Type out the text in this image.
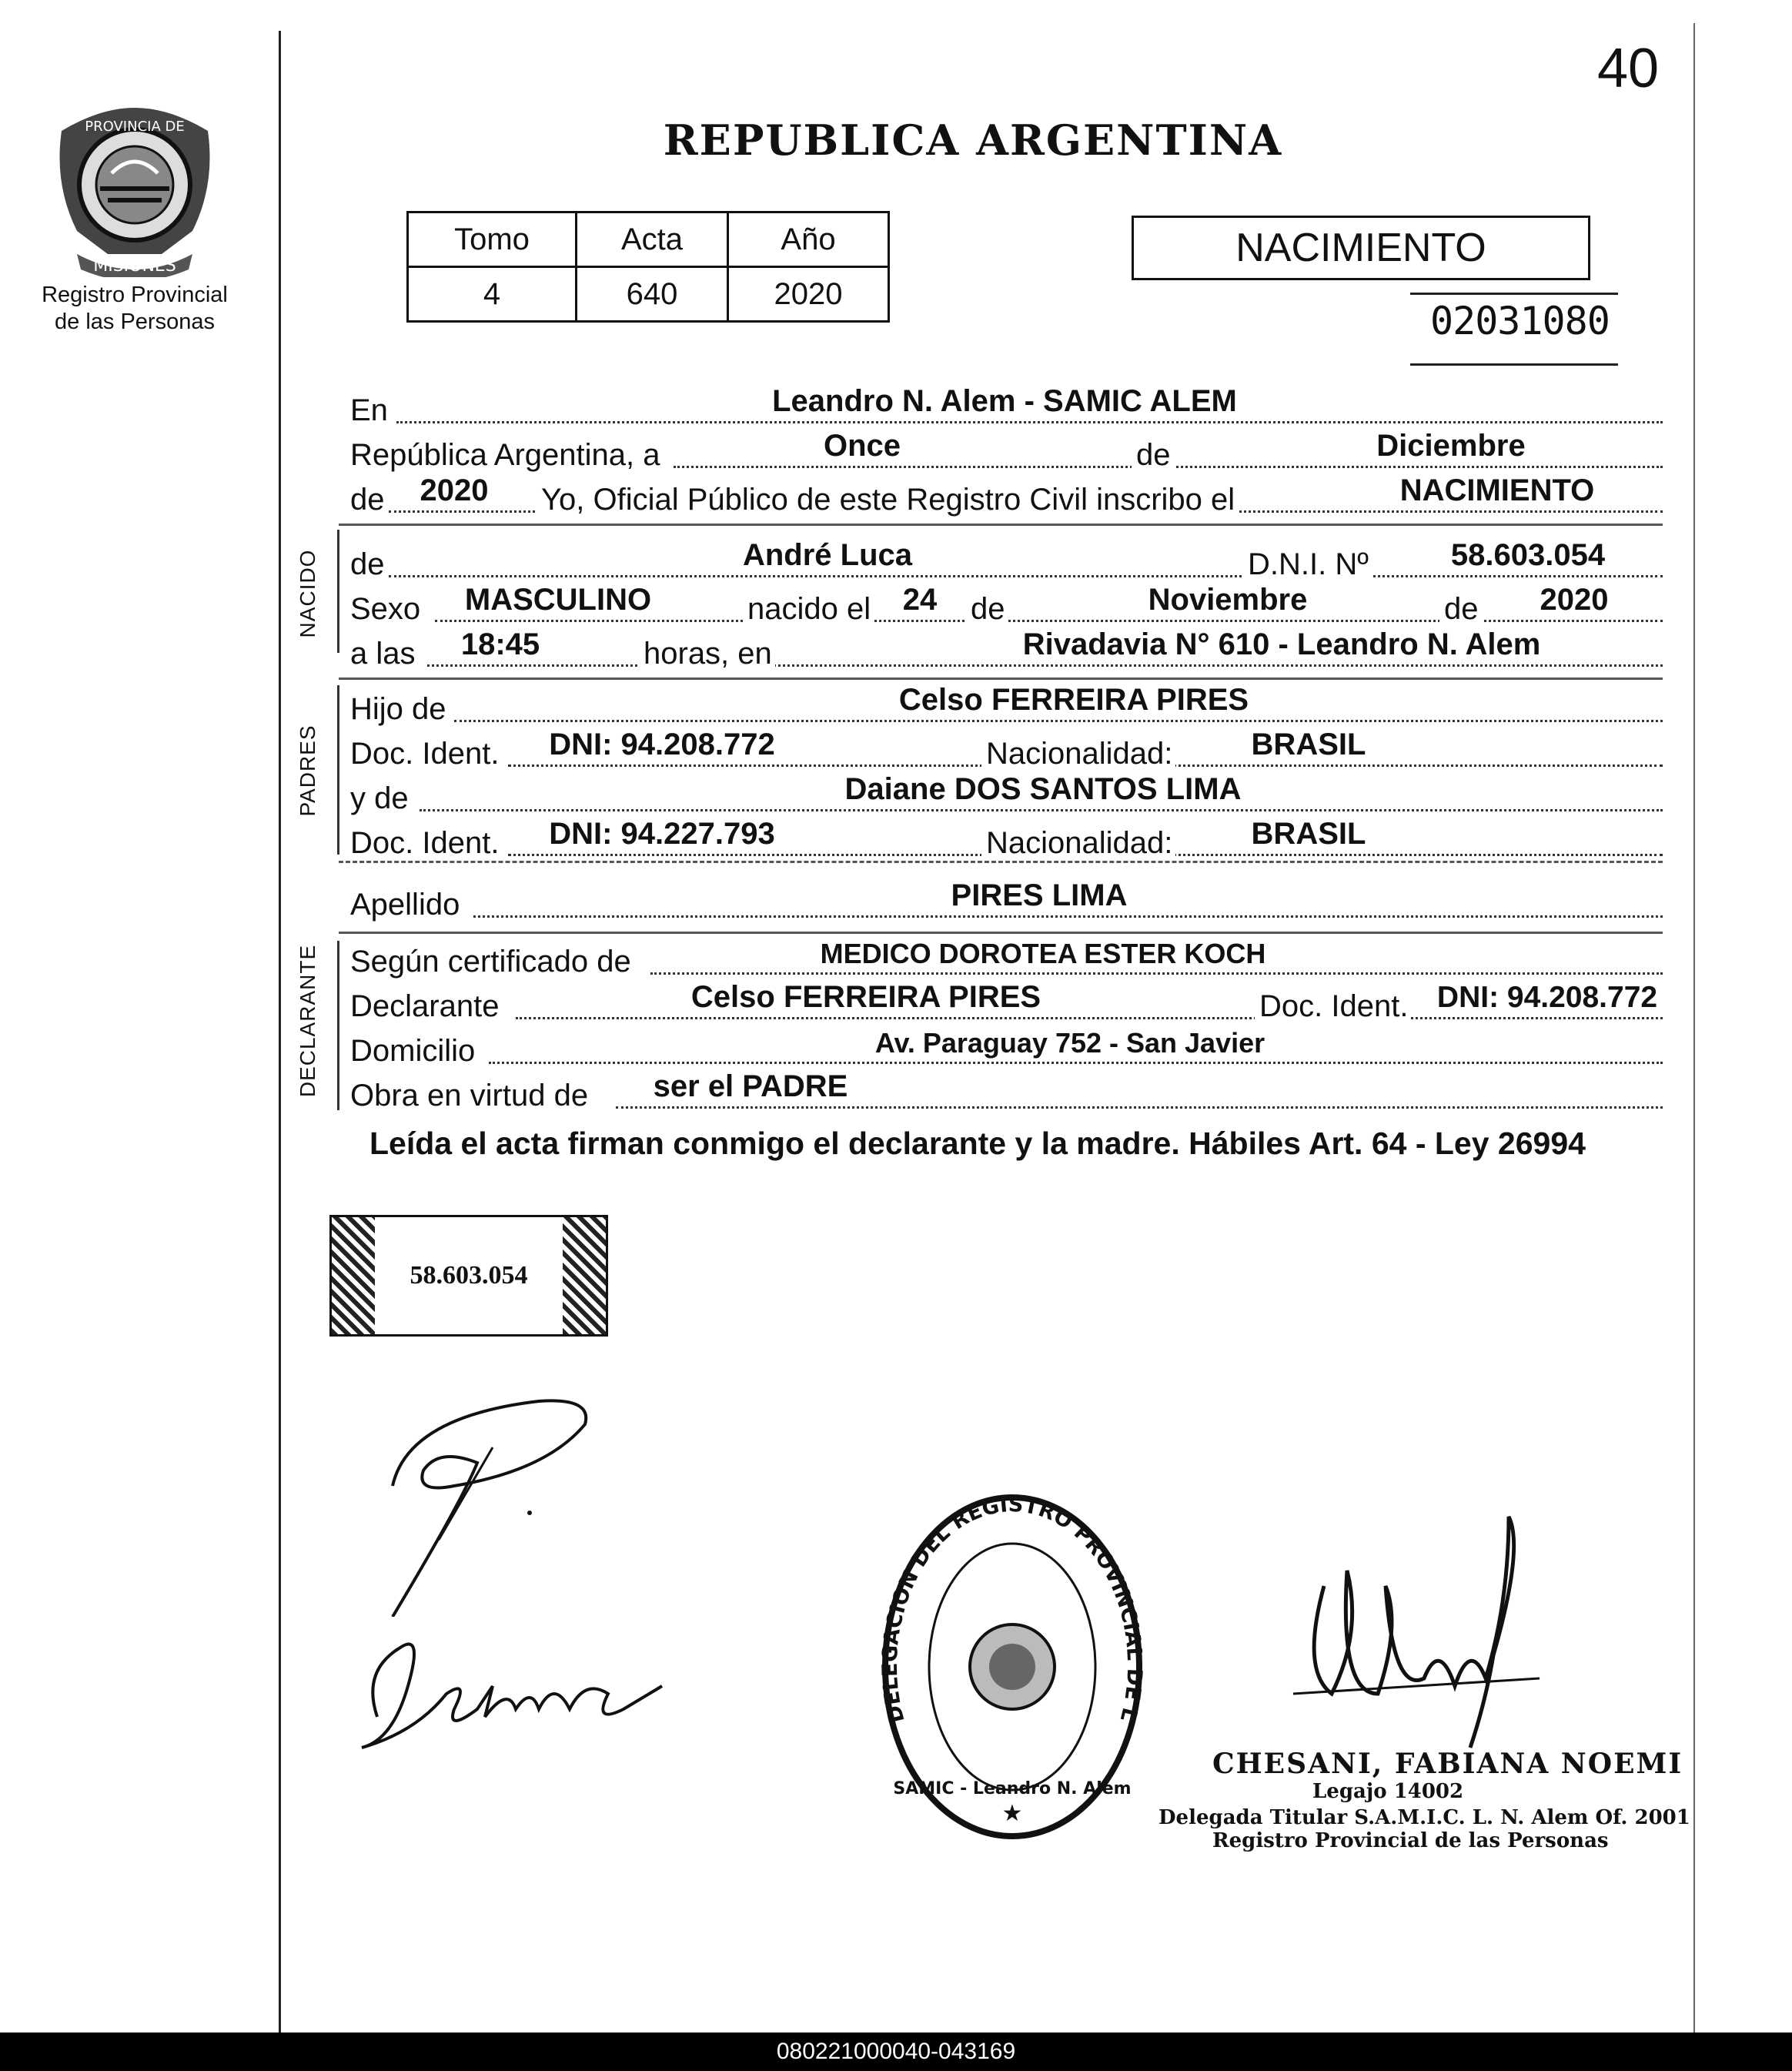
40
PROVINCIA DE
MISIONES
Registro Provincial
de las Personas
REPUBLICA ARGENTINA
Tomo	Acta	Año
4	640	2020
NACIMIENTO
02031080
En	Leandro N. Alem - SAMIC ALEM
República Argentina, a	Once	de	Diciembre
de	2020	Yo, Oficial Público de este Registro Civil inscribo el	NACIMIENTO
NACIDO de	André Luca	D.N.I. Nº	58.603.054
Sexo	MASCULINO	nacido el	24	de	Noviembre	de	2020
a las	18:45	horas, en	Rivadavia N° 610 - Leandro N. Alem
PADRES
Hijo de	Celso FERREIRA PIRES
Doc. Ident.	DNI: 94.208.772	Nacionalidad:	BRASIL
y de	Daiane DOS SANTOS LIMA
Doc. Ident.	DNI: 94.227.793	Nacionalidad:	BRASIL
Apellido	PIRES LIMA
DECLARANTE Según certificado de	MEDICO DOROTEA ESTER KOCH
Declarante	Celso FERREIRA PIRES	Doc. Ident. DNI: 94.208.772
Domicilio	Av. Paraguay 752 - San Javier
Obra en virtud de	ser el PADRE
Leída el acta firman conmigo el declarante y la madre. Hábiles Art. 64 - Ley 26994
58.603.054
DELEGACION DEL REGISTRO PROVINCIAL DE L
SAMIC - Leandro N. Alem
★
CHESANI, FABIANA NOEMI
Legajo 14002
Delegada Titular S.A.M.I.C. L. N. Alem Of. 2001
Registro Provincial de las Personas
080221000040-043169
